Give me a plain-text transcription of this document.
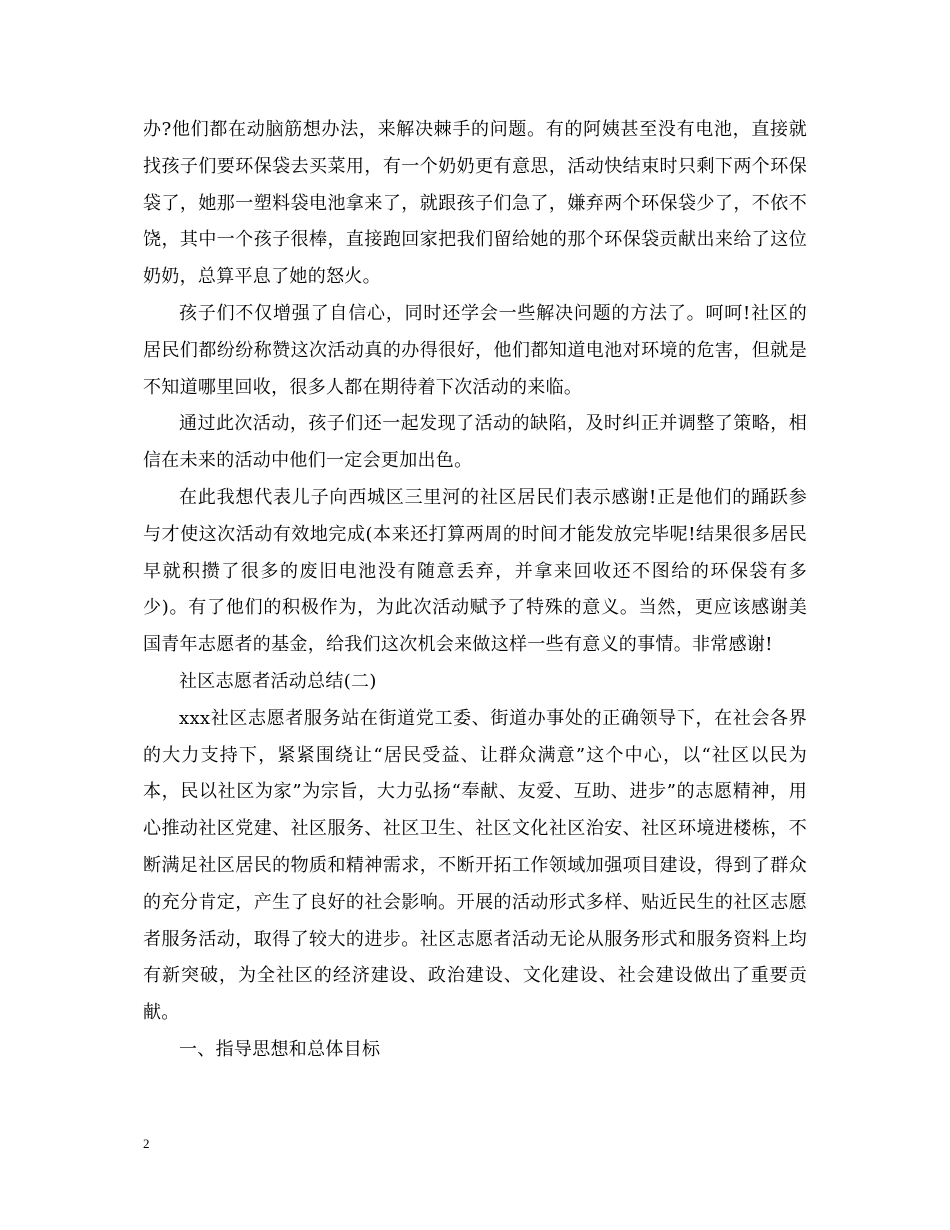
办?他们都在动脑筋想办法，来解决棘手的问题。有的阿姨甚至没有电池，直接就找孩子们要环保袋去买菜用，有一个奶奶更有意思，活动快结束时只剩下两个环保袋了，她那一塑料袋电池拿来了，就跟孩子们急了，嫌弃两个环保袋少了，不依不饶，其中一个孩子很棒，直接跑回家把我们留给她的那个环保袋贡献出来给了这位奶奶，总算平息了她的怒火。

孩子们不仅增强了自信心，同时还学会一些解决问题的方法了。呵呵!社区的居民们都纷纷称赞这次活动真的办得很好，他们都知道电池对环境的危害，但就是不知道哪里回收，很多人都在期待着下次活动的来临。

通过此次活动，孩子们还一起发现了活动的缺陷，及时纠正并调整了策略，相信在未来的活动中他们一定会更加出色。

在此我想代表儿子向西城区三里河的社区居民们表示感谢!正是他们的踊跃参与才使这次活动有效地完成(本来还打算两周的时间才能发放完毕呢!结果很多居民早就积攒了很多的废旧电池没有随意丢弃，并拿来回收还不图给的环保袋有多少)。有了他们的积极作为，为此次活动赋予了特殊的意义。当然，更应该感谢美国青年志愿者的基金，给我们这次机会来做这样一些有意义的事情。非常感谢!

社区志愿者活动总结(二)

xxx社区志愿者服务站在街道党工委、街道办事处的正确领导下，在社会各界的大力支持下，紧紧围绕让“居民受益、让群众满意”这个中心，以“社区以民为本，民以社区为家”为宗旨，大力弘扬“奉献、友爱、互助、进步”的志愿精神，用心推动社区党建、社区服务、社区卫生、社区文化社区治安、社区环境进楼栋，不断满足社区居民的物质和精神需求，不断开拓工作领域加强项目建设，得到了群众的充分肯定，产生了良好的社会影响。开展的活动形式多样、贴近民生的社区志愿者服务活动，取得了较大的进步。社区志愿者活动无论从服务形式和服务资料上均有新突破，为全社区的经济建设、政治建设、文化建设、社会建设做出了重要贡献。

一、指导思想和总体目标

2
